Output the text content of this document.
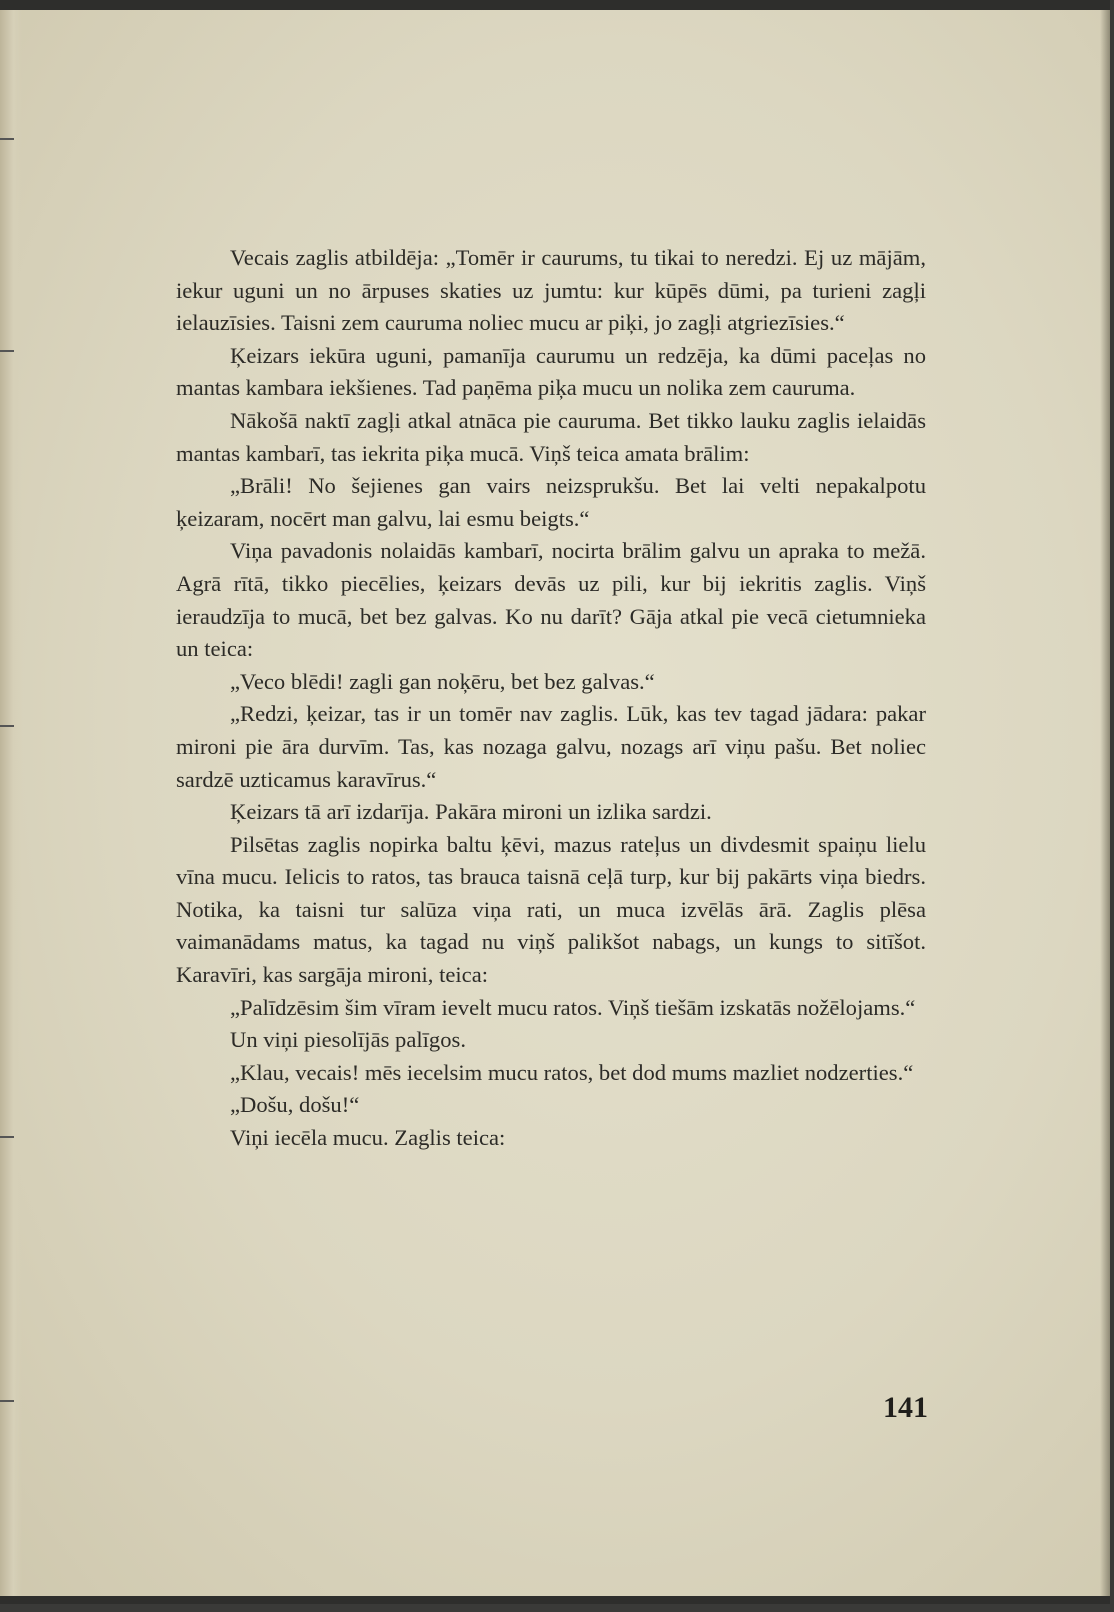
Vecais zaglis atbildēja: „Tomēr ir caurums, tu tikai to neredzi. Ej uz mājām, iekur uguni un no ārpuses skaties uz jumtu: kur kūpēs dūmi, pa turieni zagļi ielauzīsies. Taisni zem cauruma noliec mucu ar piķi, jo zagļi atgriezīsies.“

Ķeizars iekūra uguni, pamanīja caurumu un redzēja, ka dūmi paceļas no mantas kambara iekšienes. Tad paņēma piķa mucu un nolika zem cauruma.

Nākošā naktī zagļi atkal atnāca pie cauruma. Bet tikko lauku zaglis ielaidās mantas kambarī, tas iekrita piķa mucā. Viņš teica amata brālim:

„Brāli! No šejienes gan vairs neizsprukšu. Bet lai velti nepakalpotu ķeizaram, nocērt man galvu, lai esmu beigts.“

Viņa pavadonis nolaidās kambarī, nocirta brālim galvu un apraka to mežā. Agrā rītā, tikko piecēlies, ķeizars devās uz pili, kur bij iekritis zaglis. Viņš ieraudzīja to mucā, bet bez galvas. Ko nu darīt? Gāja atkal pie vecā cietumnieka un teica:

„Veco blēdi! zagli gan noķēru, bet bez galvas.“

„Redzi, ķeizar, tas ir un tomēr nav zaglis. Lūk, kas tev tagad jādara: pakar mironi pie āra durvīm. Tas, kas nozaga galvu, nozags arī viņu pašu. Bet noliec sardzē uzticamus karavīrus.“

Ķeizars tā arī izdarīja. Pakāra mironi un izlika sardzi.

Pilsētas zaglis nopirka baltu ķēvi, mazus rateļus un divdesmit spaiņu lielu vīna mucu. Ielicis to ratos, tas brauca taisnā ceļā turp, kur bij pakārts viņa biedrs. Notika, ka taisni tur salūza viņa rati, un muca izvēlās ārā. Zaglis plēsa vaimanādams matus, ka tagad nu viņš palikšot nabags, un kungs to sitīšot. Karavīri, kas sargāja mironi, teica:

„Palīdzēsim šim vīram ievelt mucu ratos. Viņš tiešām izskatās nožēlojams.“

Un viņi piesolījās palīgos.

„Klau, vecais! mēs iecelsim mucu ratos, bet dod mums mazliet nodzerties.“

„Došu, došu!“

Viņi iecēla mucu. Zaglis teica:

141
